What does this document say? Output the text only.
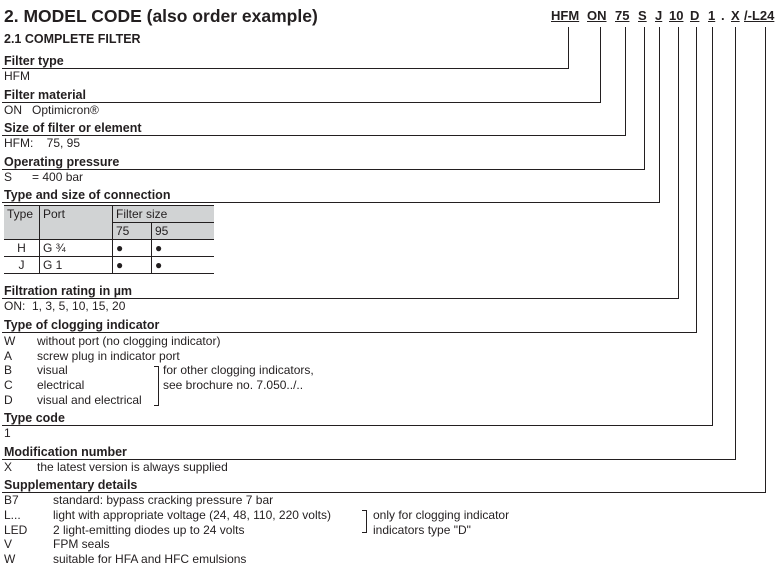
2. MODEL CODE (also order example)
2.1 COMPLETE FILTER
HFM ON 75 S J 10 D 1 . X /-L24
Filter type
HFM
Filter material
ON   Optimicron®
Size of filter or element
HFM:    75, 95
Operating pressure
S      = 400 bar
Type and size of connection
Type	Port	Filter size	
		75	95
H	G ¾	●	●
J	G 1	●	●
Filtration rating in µm
ON:  1, 3, 5, 10, 15, 20
Type of clogging indicator
W without port (no clogging indicator)
A screw plug in indicator port
B visual
C electrical
D visual and electrical
for other clogging indicators,
see brochure no. 7.050../..
Type code
1
Modification number
X the latest version is always supplied
Supplementary details
B7	standard: bypass cracking pressure 7 bar
L...	light with appropriate voltage (24, 48, 110, 220 volts)
LED 2 light-emitting diodes up to 24 volts
V	FPM seals
W	suitable for HFA and HFC emulsions
only for clogging indicator
indicators type "D"
